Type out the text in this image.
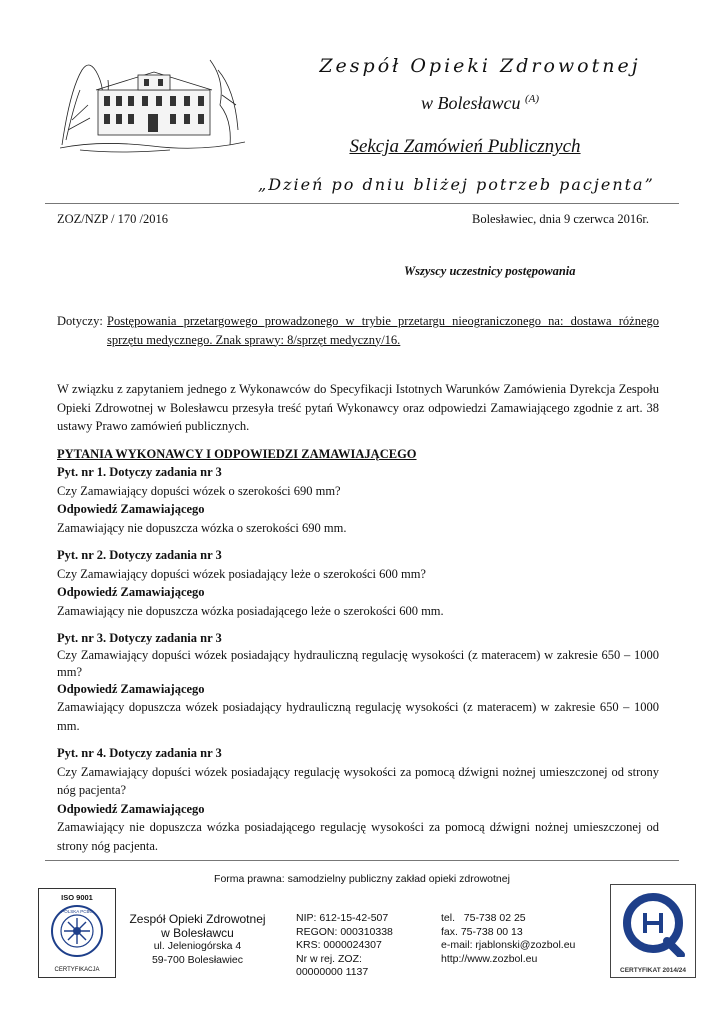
Zespół Opieki Zdrowotnej
w Bolesławcu $^{(A)}$
Sekcja Zamówień Publicznych
„Dzień po dniu bliżej potrzeb pacjenta”
ZOZ/NZP / 170 /2016	Bolesławiec, dnia 9 czerwca 2016r.
Wszyscy uczestnicy postępowania
Dotyczy: Postępowania przetargowego prowadzonego w trybie przetargu nieograniczonego na: dostawa różnego sprzętu medycznego. Znak sprawy: 8/sprzęt medyczny/16.
W związku z zapytaniem jednego z Wykonawców do Specyfikacji Istotnych Warunków Zamówienia Dyrekcja Zespołu Opieki Zdrowotnej w Bolesławcu przesyła treść pytań Wykonawcy oraz odpowiedzi Zamawiającego zgodnie z art. 38 ustawy Prawo zamówień publicznych.
PYTANIA WYKONAWCY I ODPOWIEDZI ZAMAWIAJĄCEGO
Pyt. nr 1. Dotyczy zadania nr 3
Czy Zamawiający dopuści wózek o szerokości 690 mm?
Odpowiedź Zamawiającego
Zamawiający nie dopuszcza wózka o szerokości 690 mm.
Pyt. nr 2. Dotyczy zadania nr 3
Czy Zamawiający dopuści wózek posiadający leże o szerokości 600 mm?
Odpowiedź Zamawiającego
Zamawiający nie dopuszcza wózka posiadającego leże o szerokości 600 mm.
Pyt. nr 3. Dotyczy zadania nr 3
Czy Zamawiający dopuści wózek posiadający hydrauliczną regulację wysokości (z materacem) w zakresie 650 – 1000 mm?
Odpowiedź Zamawiającego
Zamawiający dopuszcza wózek posiadający hydrauliczną regulację wysokości (z materacem) w zakresie 650 – 1000 mm.
Pyt. nr 4. Dotyczy zadania nr 3
Czy Zamawiający dopuści wózek posiadający regulację wysokości za pomocą dźwigni nożnej umieszczonej od strony nóg pacjenta?
Odpowiedź Zamawiającego
Zamawiający nie dopuszcza wózka posiadającego regulację wysokości za pomocą dźwigni nożnej umieszczonej od strony nóg pacjenta.
Forma prawna: samodzielny publiczny zakład opieki zdrowotnej
ISO 9001
POLSKA PCBC
CERTYFIKACJA
Zespół Opieki Zdrowotnej
w Bolesławcu
ul. Jeleniogórska 4
59-700 Bolesławiec
NIP: 612-15-42-507
REGON: 000310338
KRS: 0000024307
Nr w rej. ZOZ:
00000000 1137
tel.   75-738 02 25
fax. 75-738 00 13
e-mail: rjablonski@zozbol.eu
http://www.zozbol.eu
CERTYFIKAT 2014/24
